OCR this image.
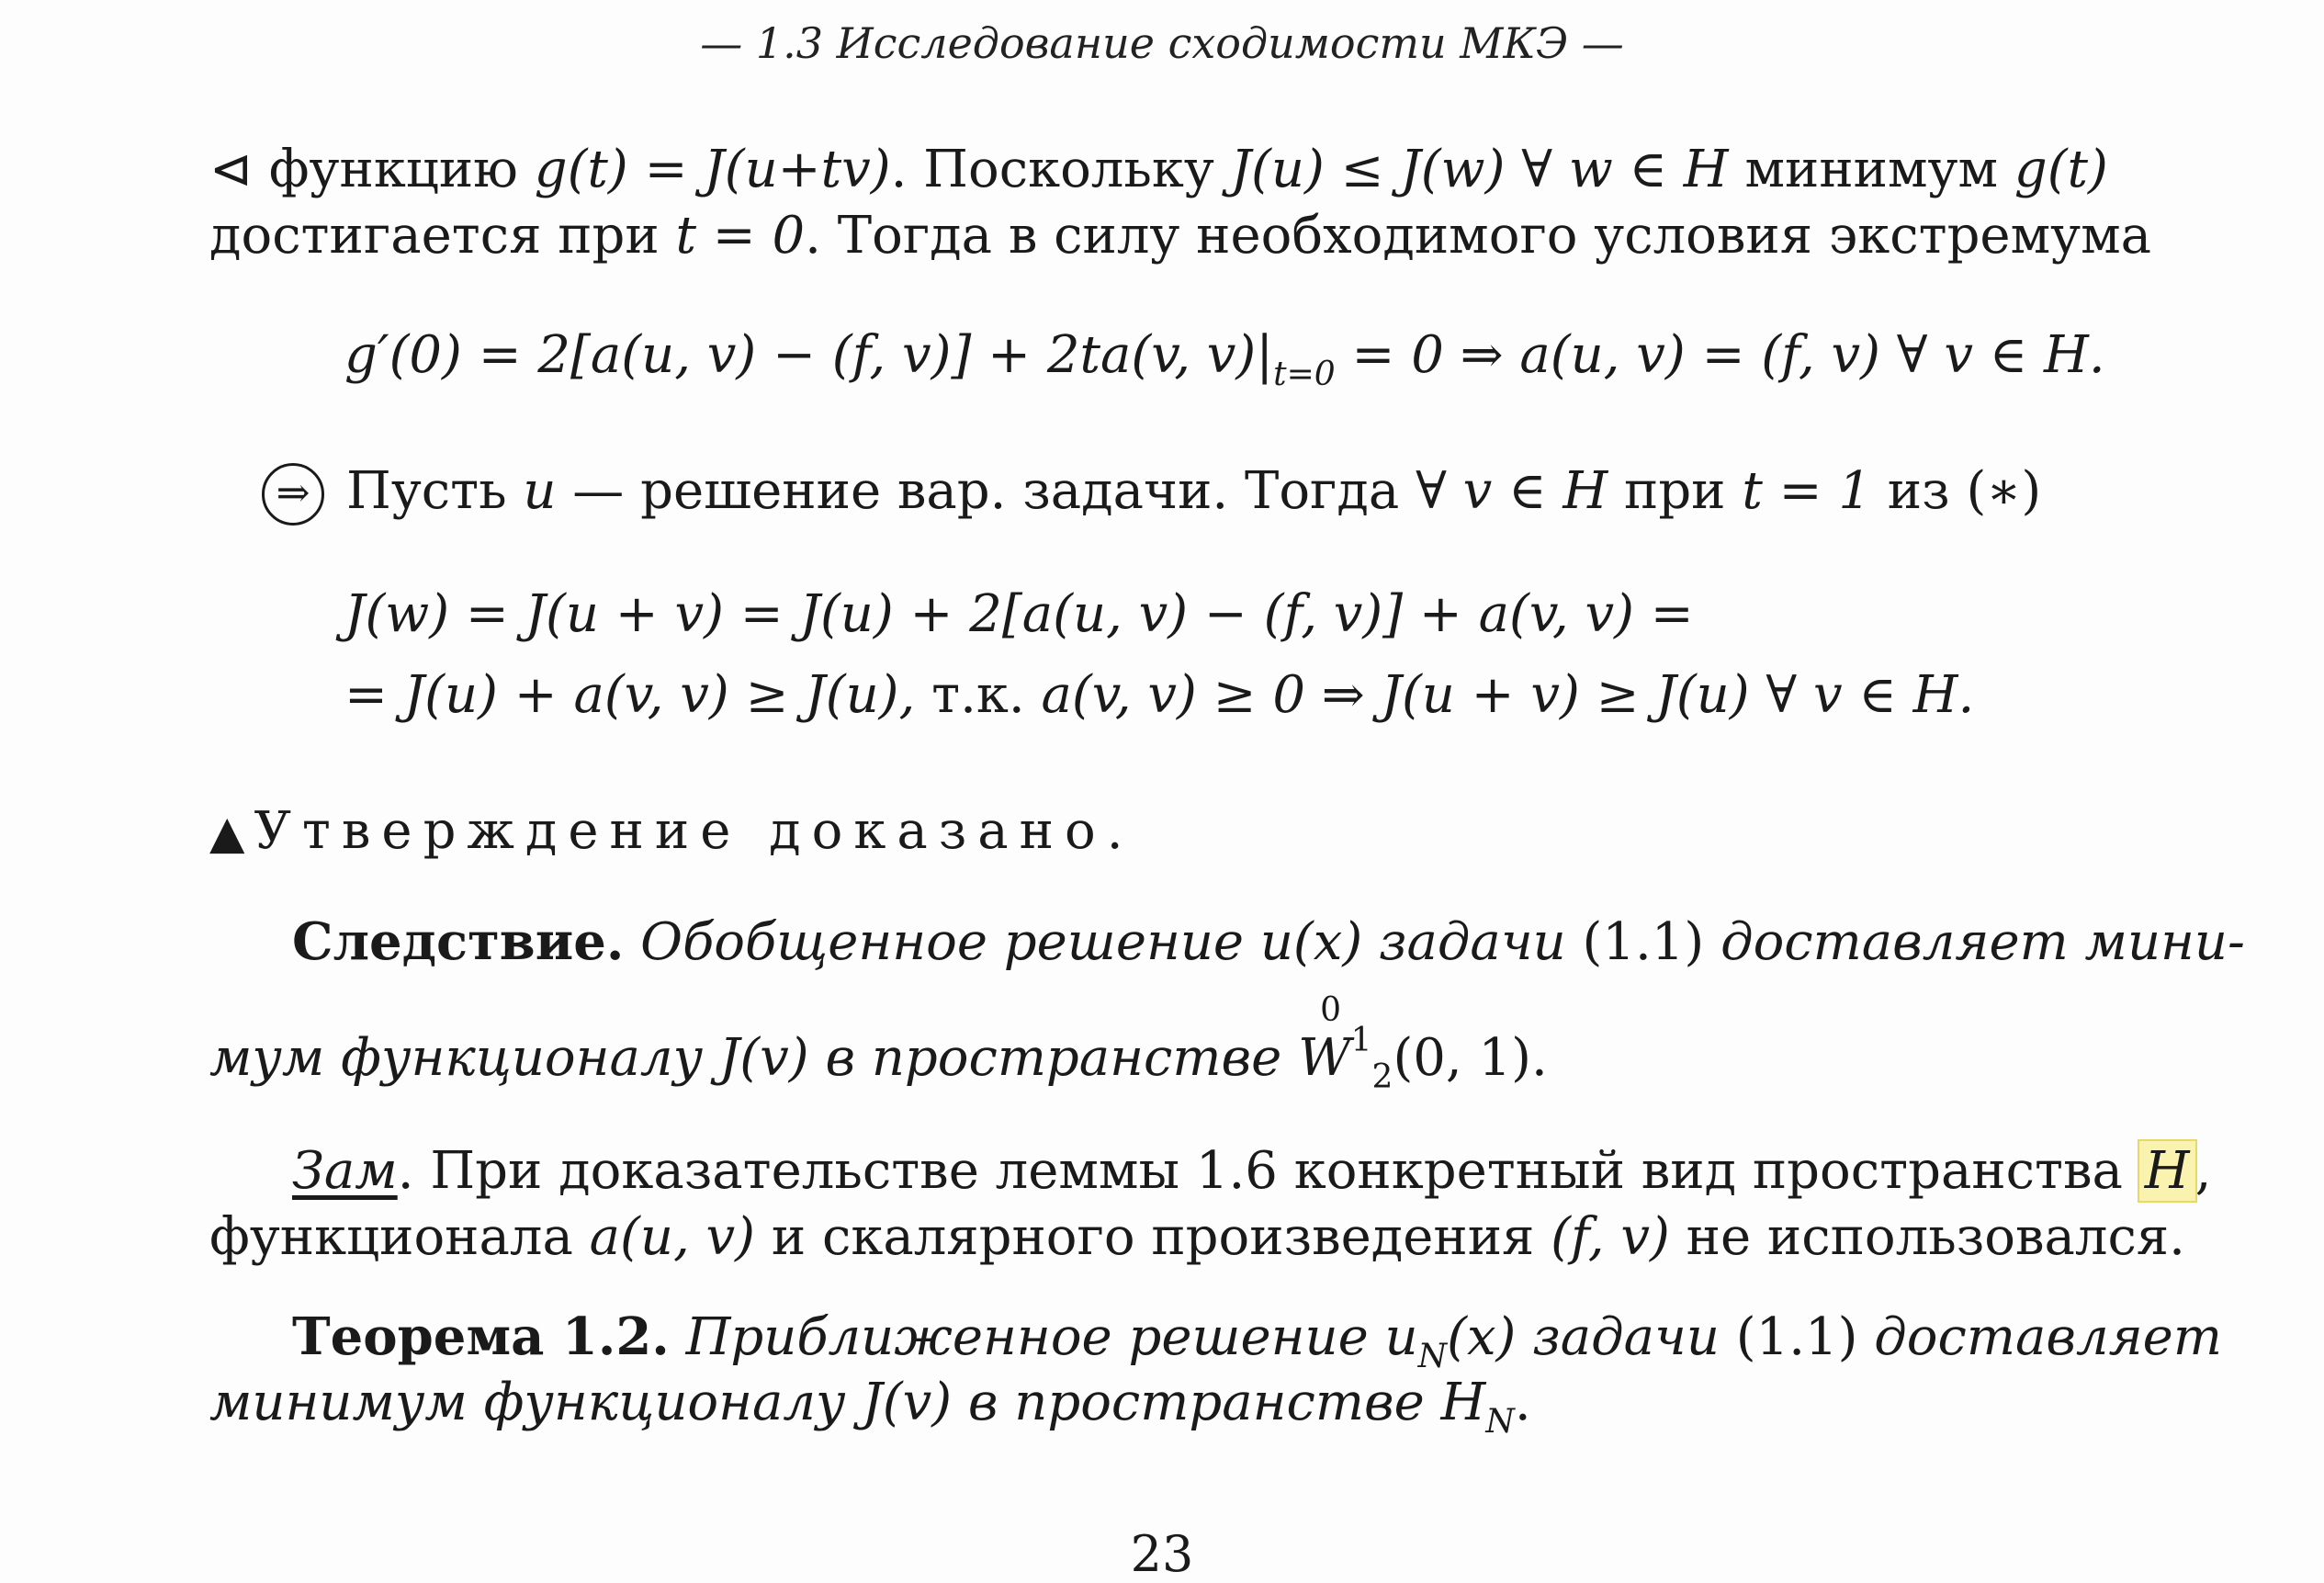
— 1.3 Исследование сходимости МКЭ —
⊲ функцию g(t) = J(u+tv). Поскольку J(u) ≤ J(w) ∀ w ∈ H минимум g(t)
достигается при t = 0. Тогда в силу необходимого условия экстремума
g′(0) = 2[a(u, v) − (f, v)] + 2ta(v, $v)|_{t=0} = 0$ ⇒ a(u, v) = (f, v) ∀ v ∈ H.
⇒ Пусть u — решение вар. задачи. Тогда ∀ v ∈ H при t = 1 из (∗)
J(w) = J(u + v) = J(u) + 2[a(u, v) − (f, v)] + a(v, v) =
= J(u) + a(v, v) ≥ J(u), т.к. a(v, v) ≥ 0 ⇒ J(u + v) ≥ J(u) ∀ v ∈ H.
▲ Утверждение доказано.
Следствие. Обобщенное решение u(x) задачи (1.1) доставляет мини-
мум функционалу J(v) в пространстве
0
$W^1_2(0$, 1).
Зам. При доказательстве леммы 1.6 конкретный вид пространства H ,
функционала a(u, v) и скалярного произведения (f, v) не использовался.
Теорема 1.2. Приближенное решение $u_N(x)$ задачи (1.1) доставляет
минимум функционалу J(v) в пространстве $H_N$.
23
